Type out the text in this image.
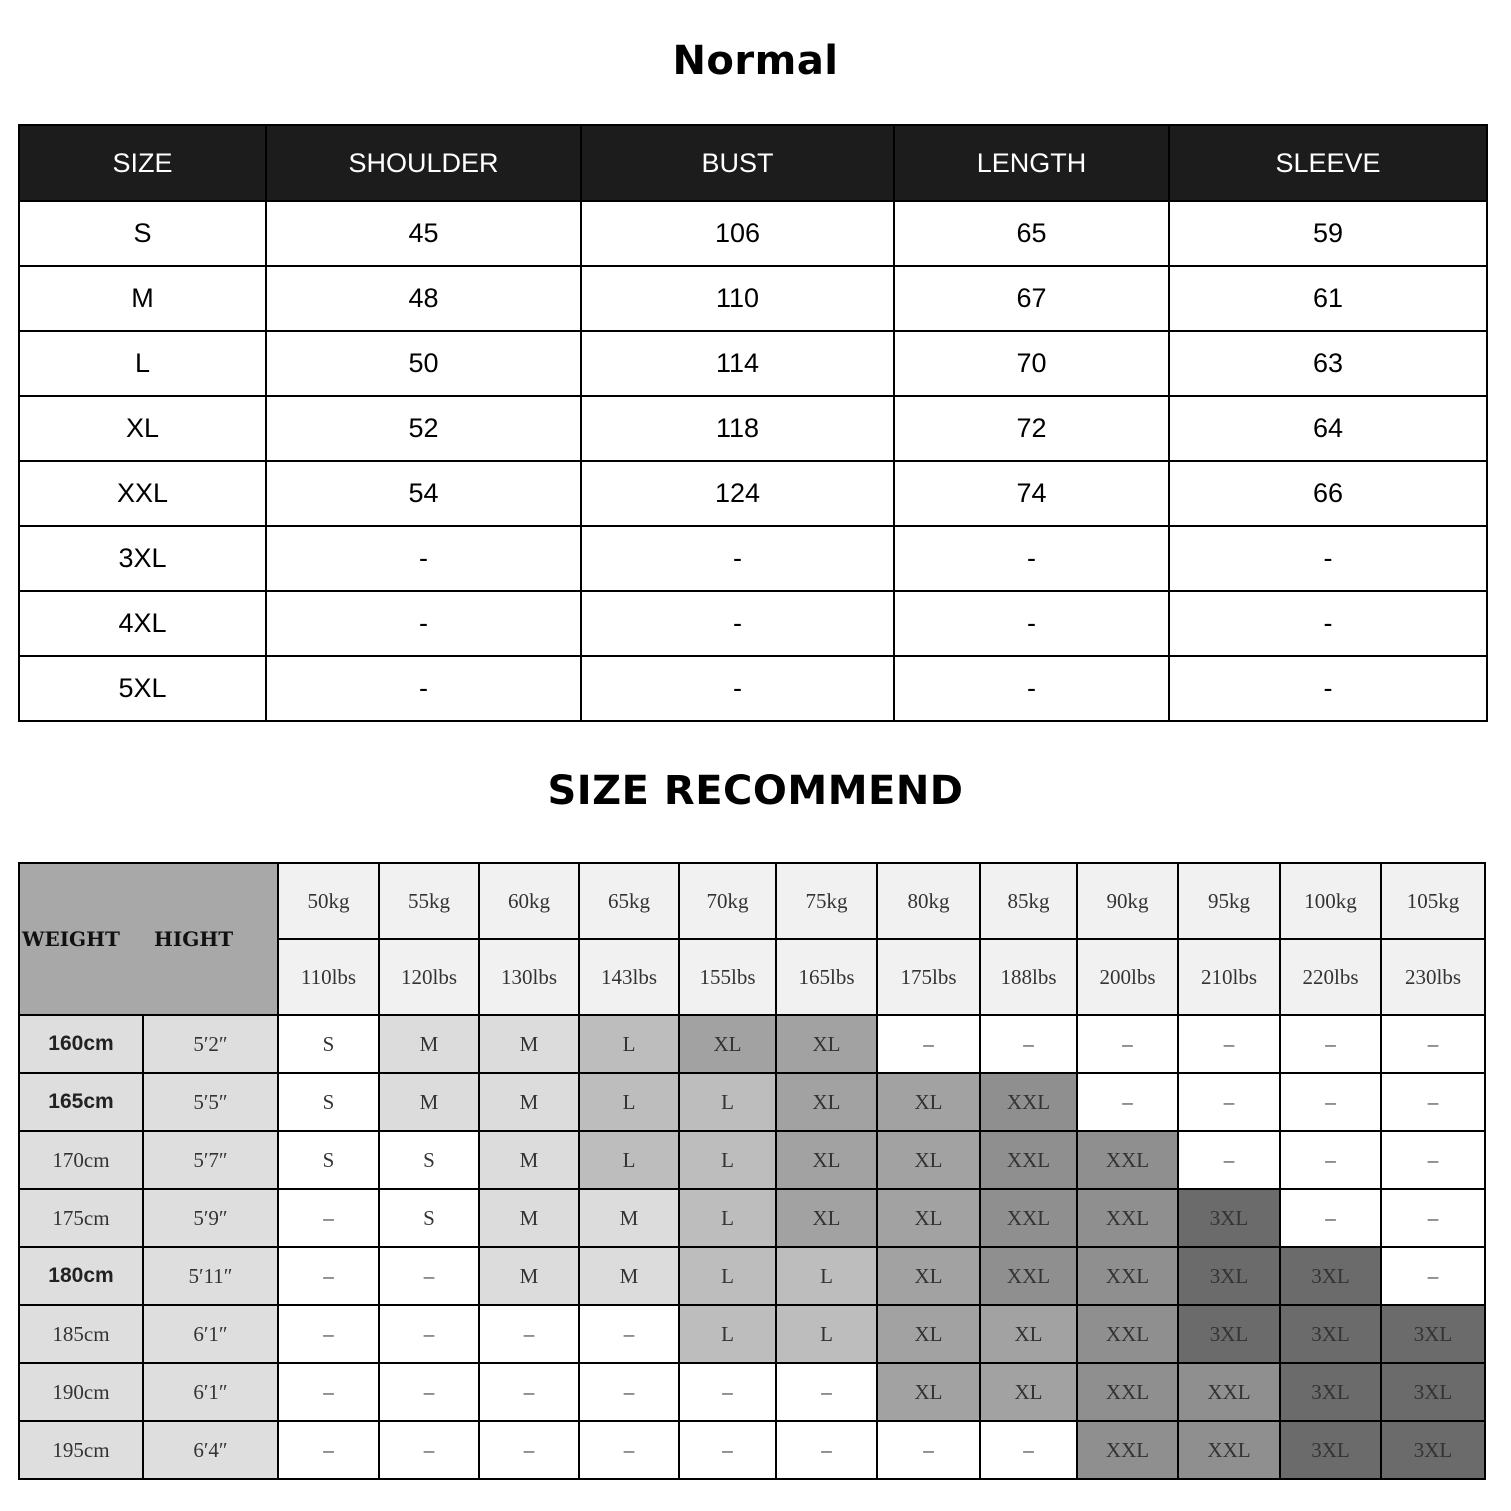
Normal
SIZE	SHOULDER	BUST	LENGTH	SLEEVE
S	45	106	65	59
M	48	110	67	61
L	50	114	70	63
XL	52	118	72	64
XXL	54	124	74	66
3XL	-	-	-	-
4XL	-	-	-	-
5XL	-	-	-	-
SIZE RECOMMEND
WEIGHT HIGHT		50kg	55kg	60kg	65kg	70kg	75kg	80kg	85kg	90kg	95kg	100kg	105kg
		110lbs	120lbs	130lbs	143lbs	155lbs	165lbs	175lbs	188lbs	200lbs	210lbs	220lbs	230lbs
160cm	5′2″	S	M	M	L	XL	XL	–	–	–	–	–	–
165cm	5′5″	S	M	M	L	L	XL	XL	XXL	–	–	–	–
170cm	5′7″	S	S	M	L	L	XL	XL	XXL	XXL	–	–	–
175cm	5′9″	–	S	M	M	L	XL	XL	XXL	XXL	3XL	–	–
180cm	5′11″	–	–	M	M	L	L	XL	XXL	XXL	3XL	3XL	–
185cm	6′1″	–	–	–	–	L	L	XL	XL	XXL	3XL	3XL	3XL
190cm	6′1″	–	–	–	–	–	–	XL	XL	XXL	XXL	3XL	3XL
195cm	6′4″	–	–	–	–	–	–	–	–	XXL	XXL	3XL	3XL
